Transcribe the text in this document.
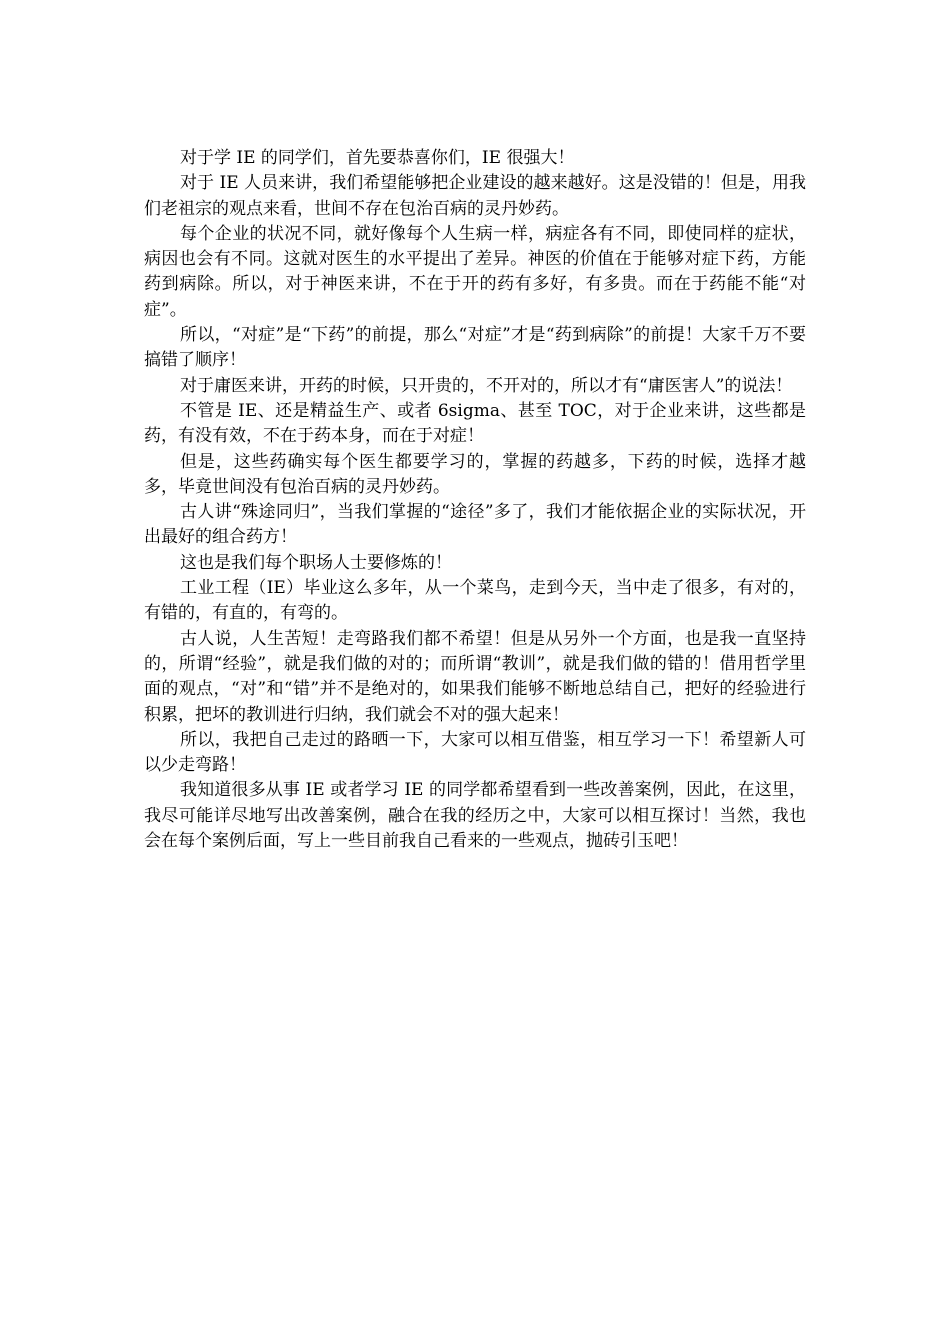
对于学 IE 的同学们，首先要恭喜你们，IE 很强大！

对于 IE 人员来讲，我们希望能够把企业建设的越来越好。这是没错的！但是，用我们老祖宗的观点来看，世间不存在包治百病的灵丹妙药。

每个企业的状况不同，就好像每个人生病一样，病症各有不同，即使同样的症状，病因也会有不同。这就对医生的水平提出了差异。神医的价值在于能够对症下药，方能药到病除。所以，对于神医来讲，不在于开的药有多好，有多贵。而在于药能不能“对症”。

所以，“对症”是“下药”的前提，那么“对症”才是“药到病除”的前提！大家千万不要搞错了顺序！

对于庸医来讲，开药的时候，只开贵的，不开对的，所以才有“庸医害人”的说法！

不管是 IE、还是精益生产、或者 6sigma、甚至 TOC，对于企业来讲，这些都是药，有没有效，不在于药本身，而在于对症！

但是，这些药确实每个医生都要学习的，掌握的药越多，下药的时候，选择才越多，毕竟世间没有包治百病的灵丹妙药。

古人讲“殊途同归”，当我们掌握的“途径”多了，我们才能依据企业的实际状况，开出最好的组合药方！

这也是我们每个职场人士要修炼的！

工业工程（IE）毕业这么多年，从一个菜鸟，走到今天，当中走了很多，有对的，有错的，有直的，有弯的。

古人说，人生苦短！走弯路我们都不希望！但是从另外一个方面，也是我一直坚持的，所谓“经验”，就是我们做的对的；而所谓“教训”，就是我们做的错的！借用哲学里面的观点，“对”和“错”并不是绝对的，如果我们能够不断地总结自己，把好的经验进行积累，把坏的教训进行归纳，我们就会不对的强大起来！

所以，我把自己走过的路晒一下，大家可以相互借鉴，相互学习一下！希望新人可以少走弯路！

我知道很多从事 IE 或者学习 IE 的同学都希望看到一些改善案例，因此，在这里，我尽可能详尽地写出改善案例，融合在我的经历之中，大家可以相互探讨！当然，我也会在每个案例后面，写上一些目前我自己看来的一些观点，抛砖引玉吧！
